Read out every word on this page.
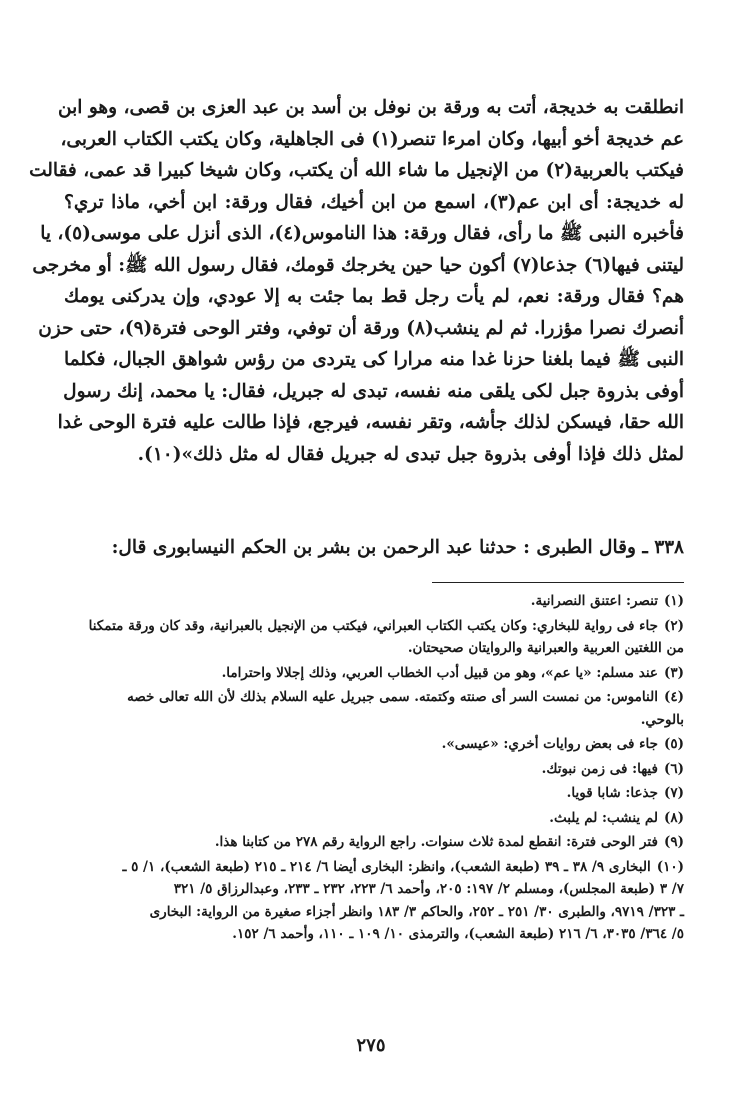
انطلقت به خديجة، أتت به ورقة بن نوفل بن أسد بن عبد العزى بن قصى، وهو ابن
عم خديجة أخو أبيها، وكان امرءا تنصر(١) فى الجاهلية، وكان يكتب الكتاب العربى،
فيكتب بالعربية(٢) من الإنجيل ما شاء الله أن يكتب، وكان شيخا كبيرا قد عمى، فقالت
له خديجة: أى ابن عم(٣)، اسمع من ابن أخيك، فقال ورقة: ابن أخي، ماذا تري؟
فأخبره النبى ﷺ ما رأى، فقال ورقة: هذا الناموس(٤)، الذى أنزل على موسى(٥)، يا
ليتنى فيها(٦) جذعا(٧) أكون حيا حين يخرجك قومك، فقال رسول الله ﷺ: أو مخرجى
هم؟ فقال ورقة: نعم، لم يأت رجل قط بما جئت به إلا عودي، وإن يدركنى يومك
أنصرك نصرا مؤزرا. ثم لم ينشب(٨) ورقة أن توفي، وفتر الوحى فترة(٩)، حتى حزن
النبى ﷺ فيما بلغنا حزنا غدا منه مرارا كى يتردى من رؤس شواهق الجبال، فكلما
أوفى بذروة جبل لكى يلقى منه نفسه، تبدى له جبريل، فقال: يا محمد، إنك رسول
الله حقا، فيسكن لذلك جأشه، وتقر نفسه، فيرجع، فإذا طالت عليه فترة الوحى غدا
لمثل ذلك فإذا أوفى بذروة جبل تبدى له جبريل فقال له مثل ذلك»(١٠).
٣٣٨ ـ وقال الطبرى : حدثنا عبد الرحمن بن بشر بن الحكم النيسابورى قال:
(١)تنصر: اعتنق النصرانية.
(٢)جاء فى رواية للبخاري: وكان يكتب الكتاب العبراني، فيكتب من الإنجيل بالعبرانية، وقد كان ورقة متمكنا
من اللغتين العربية والعبرانية والروايتان صحيحتان.
(٣)عند مسلم: «يا عم»، وهو من قبيل أدب الخطاب العربي، وذلك إجلالا واحتراما.
(٤)الناموس: من نمست السر أى صنته وكتمته. سمى جبريل عليه السلام بذلك لأن الله تعالى خصه
بالوحي.
(٥)جاء فى بعض روايات أخري: «عيسى».
(٦)فيها: فى زمن نبوتك.
(٧)جذعا: شابا قويا.
(٨)لم ينشب: لم يلبث.
(٩)فتر الوحى فترة: انقطع لمدة ثلاث سنوات. راجع الرواية رقم ٢٧٨ من كتابنا هذا.
(١٠)البخارى ٩/ ٣٨ ـ ٣٩ (طبعة الشعب)، وانظر: البخارى أيضا ٦/ ٢١٤ ـ ٢١٥ (طبعة الشعب)، ١/ ٥ ـ
٧/ ٣ (طبعة المجلس)، ومسلم ٢/ ١٩٧: ٢٠٥، وأحمد ٦/ ٢٢٣، ٢٣٢ ـ ٢٣٣، وعبدالرزاق ٥/ ٣٢١
ـ ٣٢٣/ ٩٧١٩، والطبرى ٣٠/ ٢٥١ ـ ٢٥٢، والحاكم ٣/ ١٨٣ وانظر أجزاء صغيرة من الرواية: البخارى
٥/ ٣٦٤/ ٣٠٣٥، ٦/ ٢١٦ (طبعة الشعب)، والترمذى ١٠/ ١٠٩ ـ ١١٠، وأحمد ٦/ ١٥٢.
٢٧٥
